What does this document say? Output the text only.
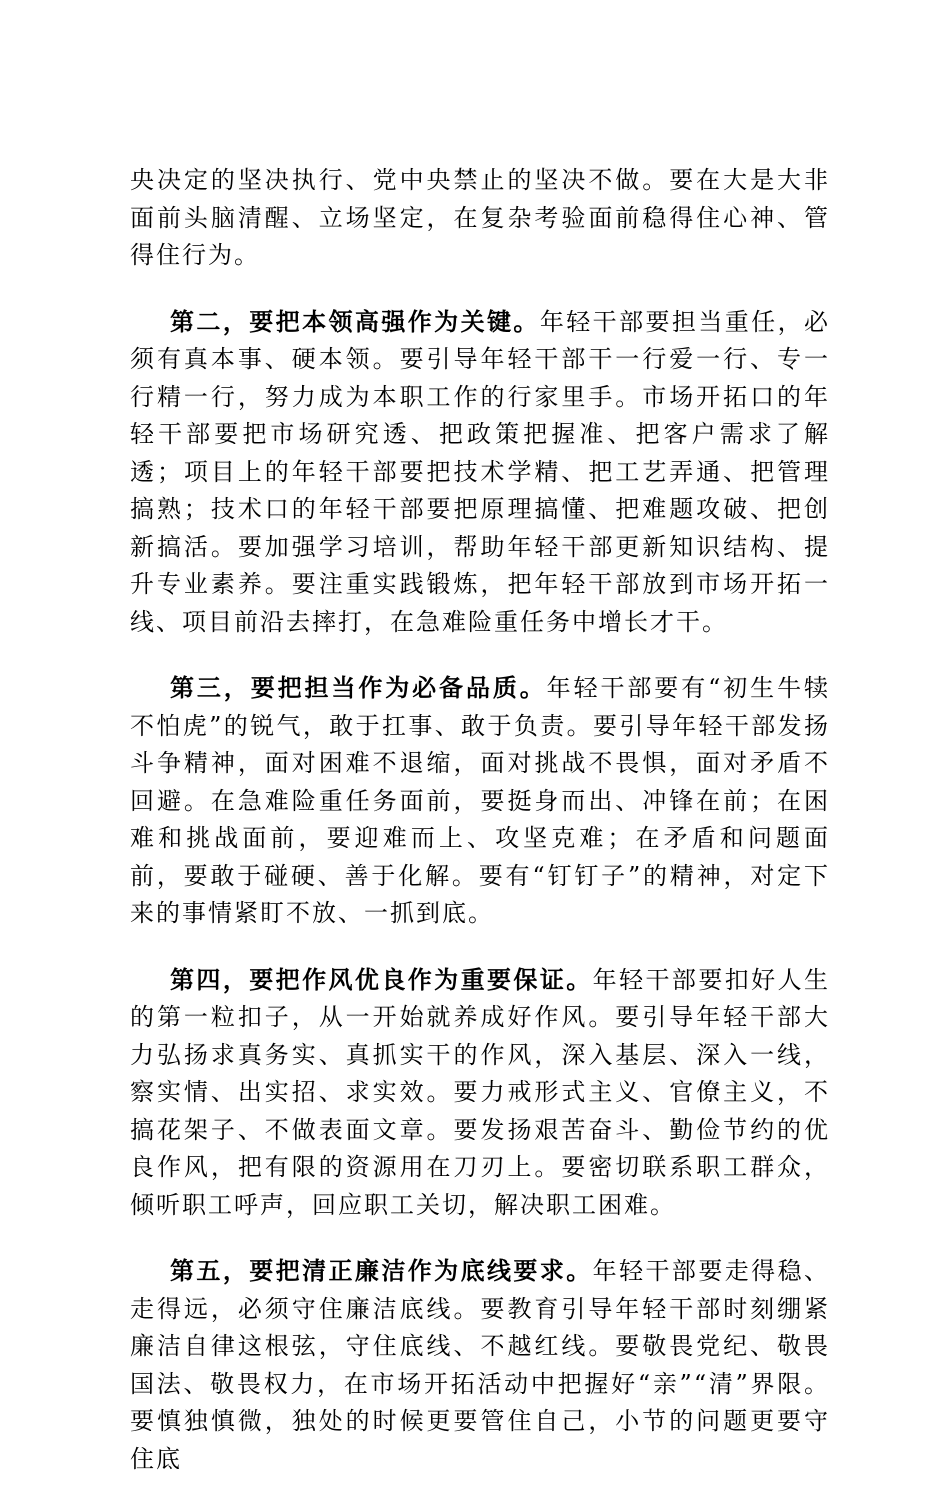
央决定的坚决执行、党中央禁止的坚决不做。要在大是大非面前头脑清醒、立场坚定，在复杂考验面前稳得住心神、管得住行为。

第二，要把本领高强作为关键。年轻干部要担当重任，必须有真本事、硬本领。要引导年轻干部干一行爱一行、专一行精一行，努力成为本职工作的行家里手。市场开拓口的年轻干部要把市场研究透、把政策把握准、把客户需求了解透；项目上的年轻干部要把技术学精、把工艺弄通、把管理搞熟；技术口的年轻干部要把原理搞懂、把难题攻破、把创新搞活。要加强学习培训，帮助年轻干部更新知识结构、提升专业素养。要注重实践锻炼，把年轻干部放到市场开拓一线、项目前沿去摔打，在急难险重任务中增长才干。

第三，要把担当作为必备品质。年轻干部要有“初生牛犊不怕虎”的锐气，敢于扛事、敢于负责。要引导年轻干部发扬斗争精神，面对困难不退缩，面对挑战不畏惧，面对矛盾不回避。在急难险重任务面前，要挺身而出、冲锋在前；在困难和挑战面前，要迎难而上、攻坚克难；在矛盾和问题面前，要敢于碰硬、善于化解。要有“钉钉子”的精神，对定下来的事情紧盯不放、一抓到底。

第四，要把作风优良作为重要保证。年轻干部要扣好人生的第一粒扣子，从一开始就养成好作风。要引导年轻干部大力弘扬求真务实、真抓实干的作风，深入基层、深入一线，察实情、出实招、求实效。要力戒形式主义、官僚主义，不搞花架子、不做表面文章。要发扬艰苦奋斗、勤俭节约的优良作风，把有限的资源用在刀刃上。要密切联系职工群众，倾听职工呼声，回应职工关切，解决职工困难。

第五，要把清正廉洁作为底线要求。年轻干部要走得稳、走得远，必须守住廉洁底线。要教育引导年轻干部时刻绷紧廉洁自律这根弦，守住底线、不越红线。要敬畏党纪、敬畏国法、敬畏权力，在市场开拓活动中把握好“亲”“清”界限。要慎独慎微，独处的时候更要管住自己，小节的问题更要守住底
